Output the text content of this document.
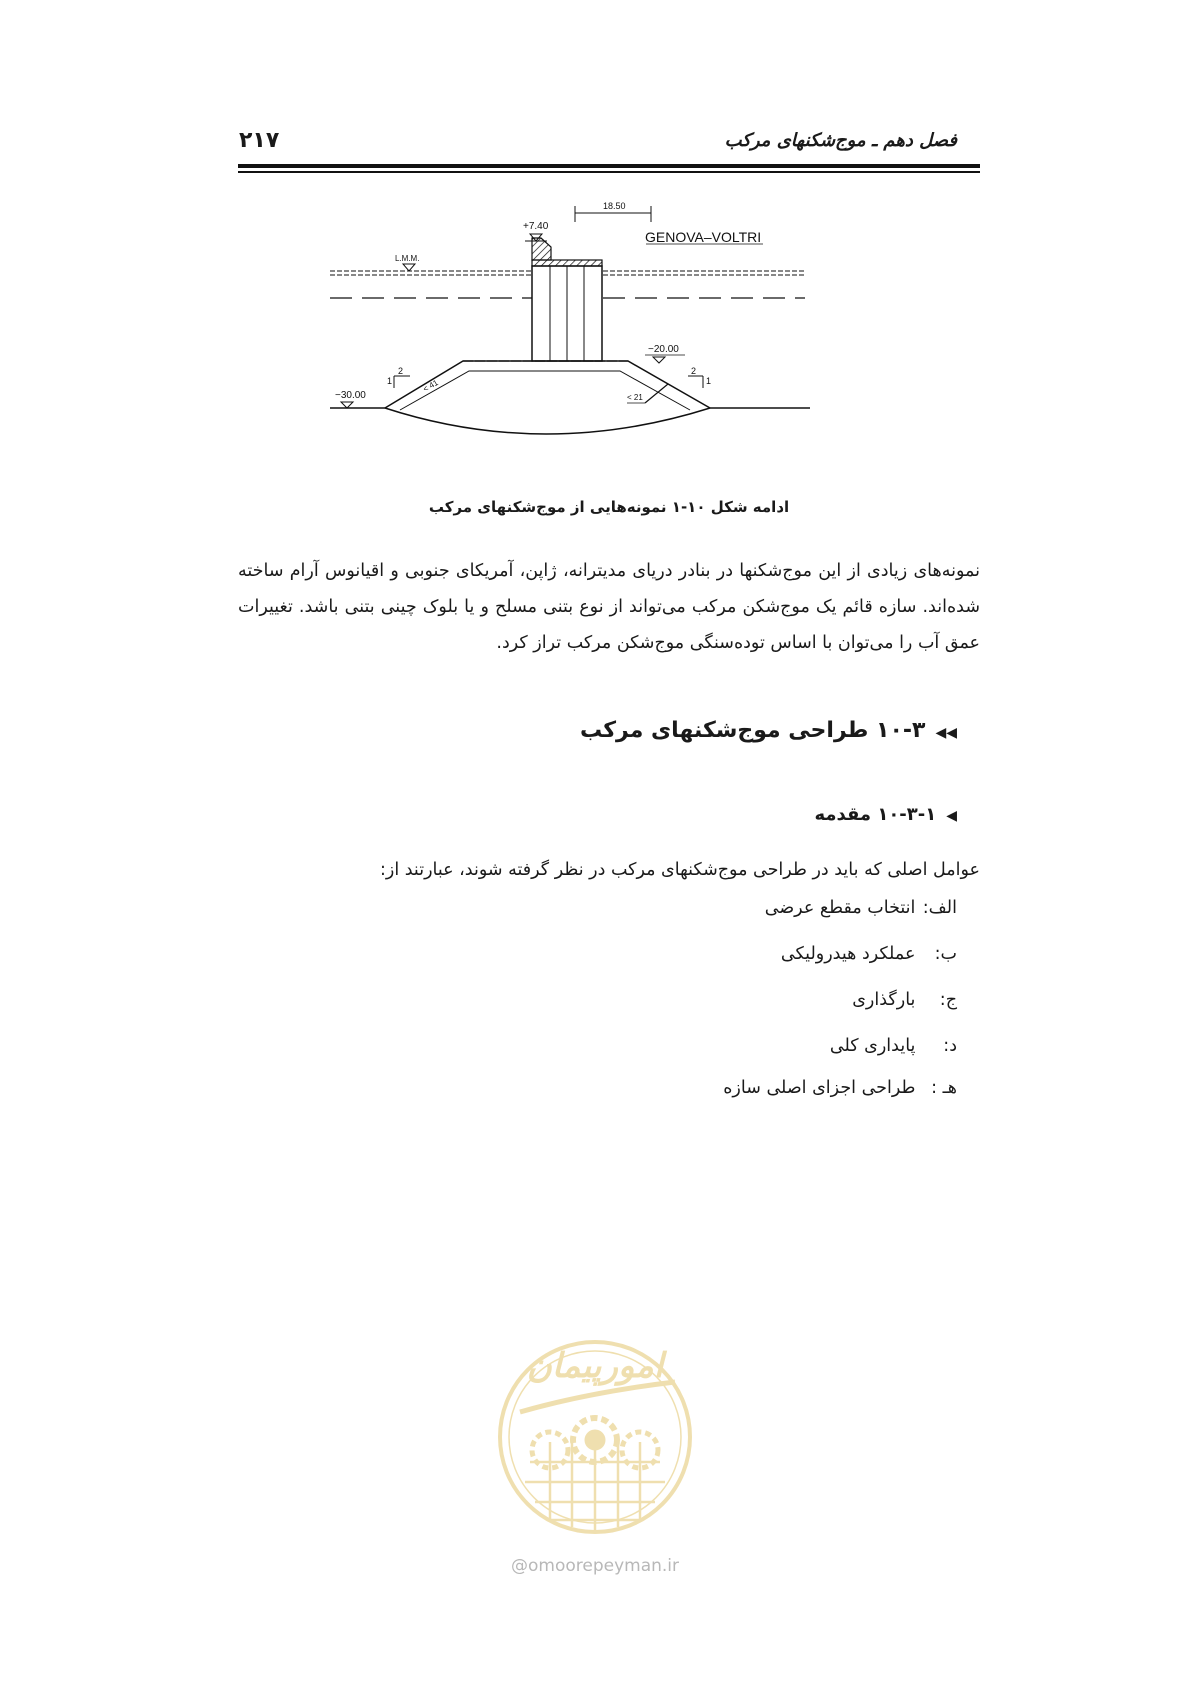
۲۱۷	فصل دهم ـ موج‌شکنهای مرکب
18.50
+7.40
GENOVA–VOLTRI
L.M.M.
−30.00
−20.00
2
1	< 41
2
1
< 21
ادامه شکل ۱۰-۱ نمونه‌هایی از موج‌شکنهای مرکب
نمونه‌های زیادی از این موج‌شکنها در بنادر دریای مدیترانه، ژاپن، آمریکای جنوبی و اقیانوس آرام ساخته شده‌اند. سازه قائم یک موج‌شکن مرکب می‌تواند از نوع بتنی مسلح و یا بلوک چینی بتنی باشد. تغییرات عمق آب را می‌توان با اساس توده‌سنگی موج‌شکن مرکب تراز کرد.
◀◀۱۰-۳ طراحی موج‌شکنهای مرکب
◀۱۰-۳-۱ مقدمه
عوامل اصلی که باید در طراحی موج‌شکنهای مرکب در نظر گرفته شوند، عبارتند از:
الف: انتخاب مقطع عرضی
ب: عملکرد هیدرولیکی
ج: بارگذاری
د: پایداری کلی
هـ : طراحی اجزای اصلی سازه
امورپیمان
@omoorepeyman.ir
